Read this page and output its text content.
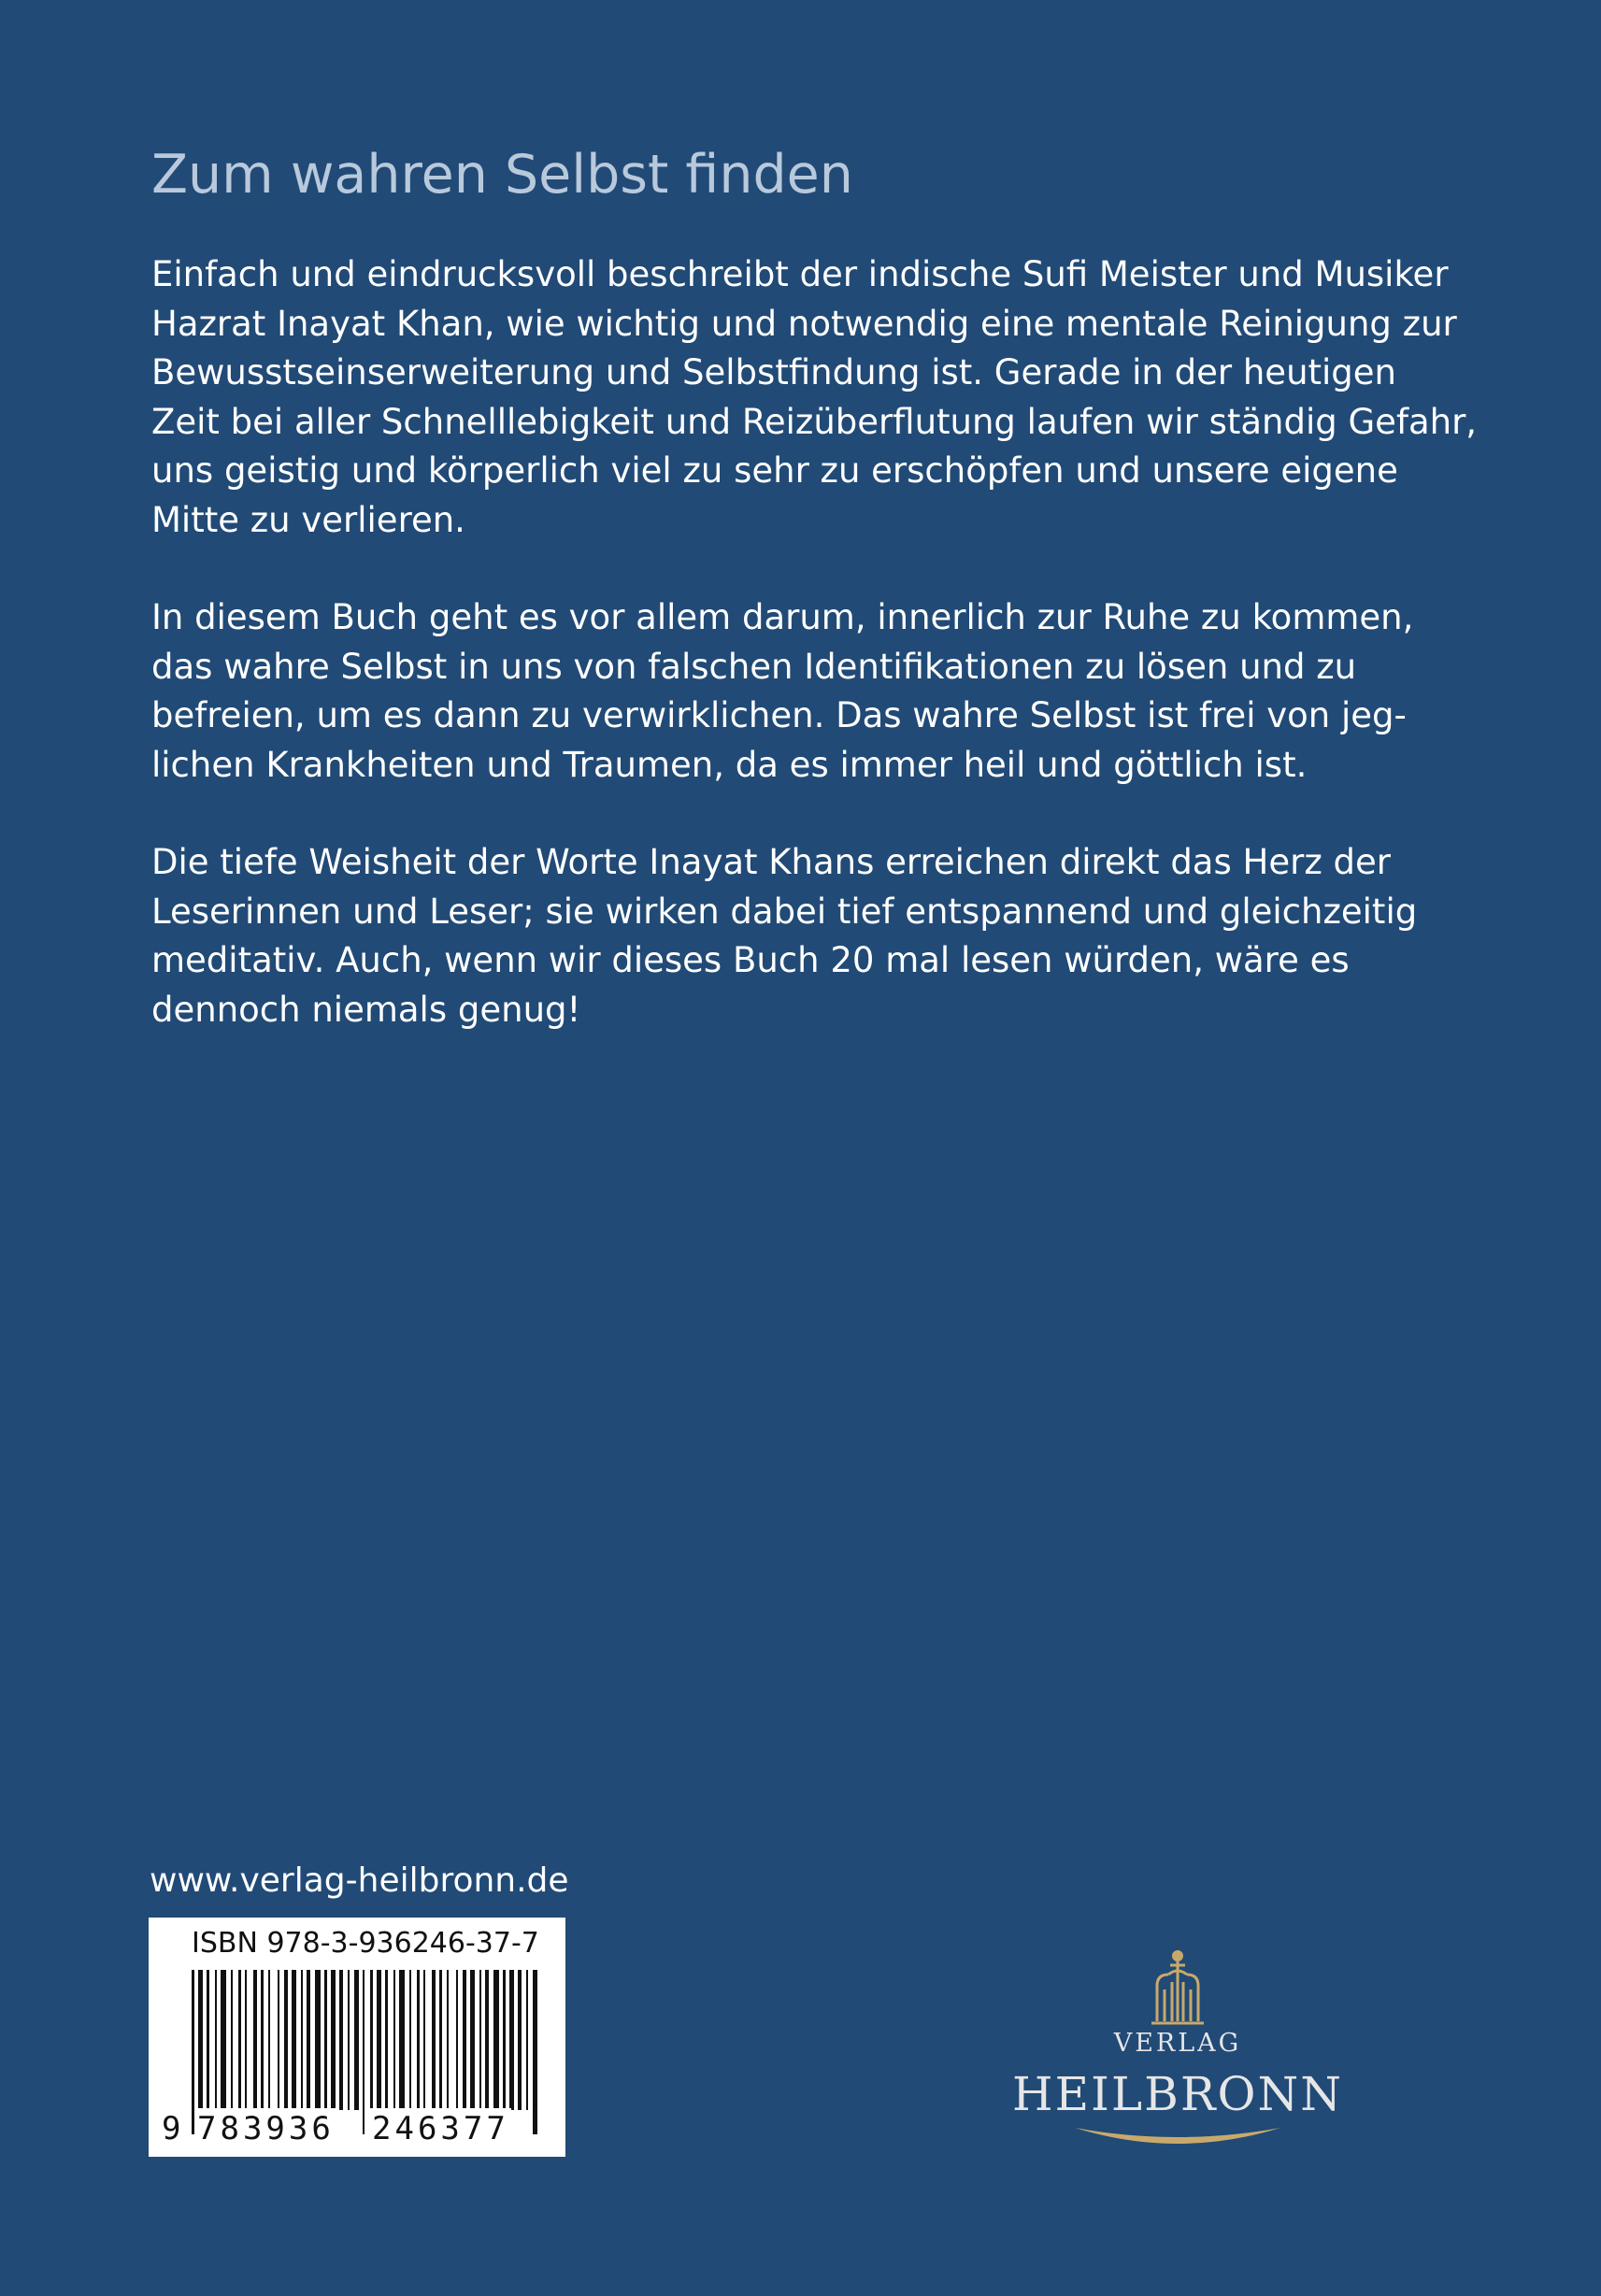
Zum wahren Selbst finden

Einfach und eindrucksvoll beschreibt der indische Sufi Meister und Musiker
Hazrat Inayat Khan, wie wichtig und notwendig eine mentale Reinigung zur
Bewusstseinserweiterung und Selbstfindung ist. Gerade in der heutigen
Zeit bei aller Schnelllebigkeit und Reizüberflutung laufen wir ständig Gefahr,
uns geistig und körperlich viel zu sehr zu erschöpfen und unsere eigene
Mitte zu verlieren.

In diesem Buch geht es vor allem darum, innerlich zur Ruhe zu kommen,
das wahre Selbst in uns von falschen Identifikationen zu lösen und zu
befreien, um es dann zu verwirklichen. Das wahre Selbst ist frei von jeg-
lichen Krankheiten und Traumen, da es immer heil und göttlich ist.

Die tiefe Weisheit der Worte Inayat Khans erreichen direkt das Herz der
Leserinnen und Leser; sie wirken dabei tief entspannend und gleichzeitig
meditativ. Auch, wenn wir dieses Buch 20 mal lesen würden, wäre es
dennoch niemals genug!

www.verlag-heilbronn.de

ISBN 978-3-936246-37-7

9 783936 246377
VERLAG
HEILBRONN
